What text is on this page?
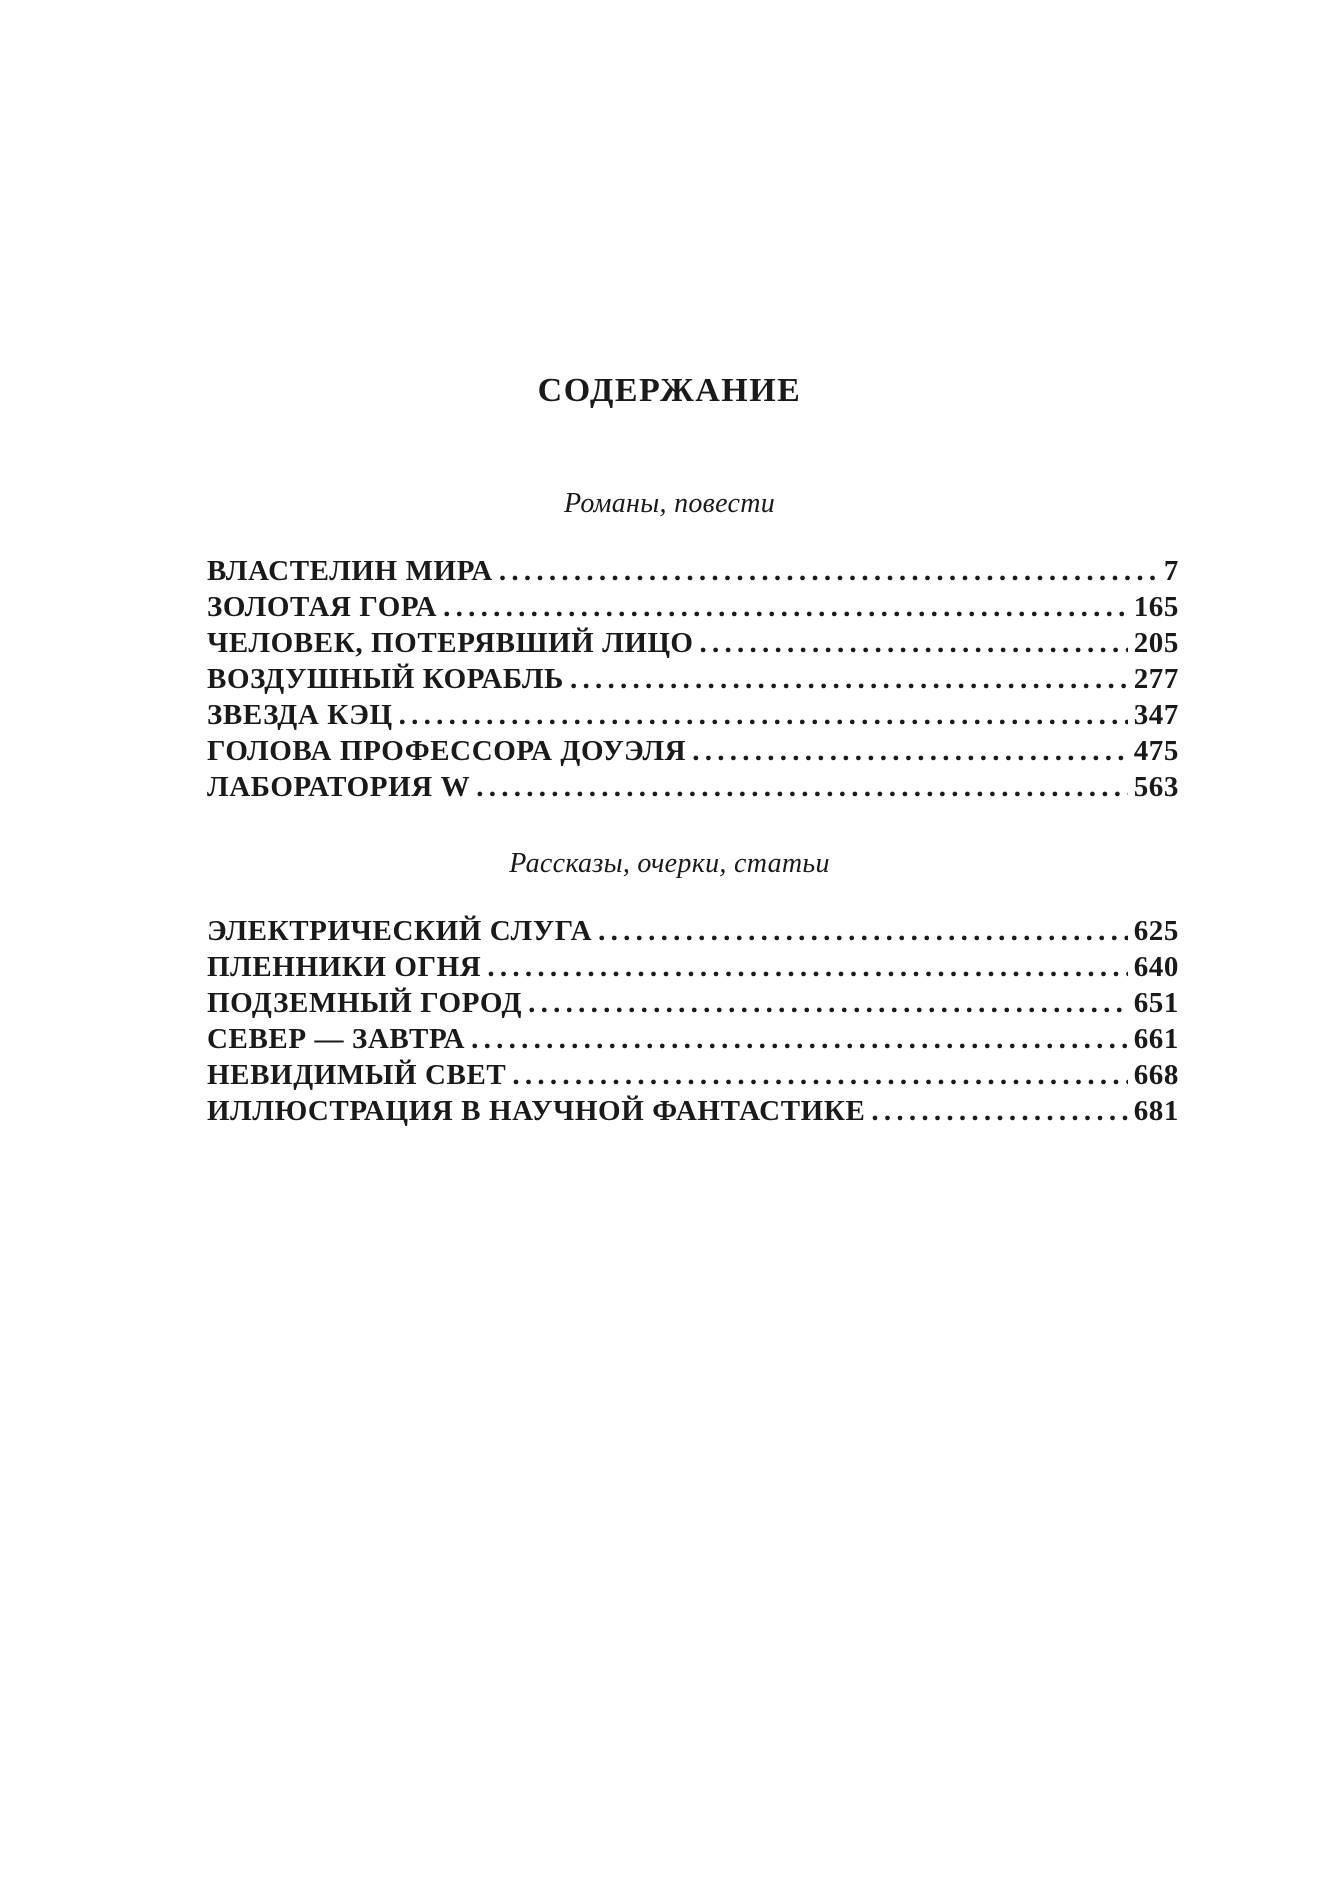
СОДЕРЖАНИЕ
Романы, повести
ВЛАСТЕЛИН МИРА . . .	7
ЗОЛОТАЯ ГОРА . . .	165
ЧЕЛОВЕК, ПОТЕРЯВШИЙ ЛИЦО . . .	205
ВОЗДУШНЫЙ КОРАБЛЬ . . .	277
ЗВЕЗДА КЭЦ . . .	347
ГОЛОВА ПРОФЕССОРА ДОУЭЛЯ . . .	475
ЛАБОРАТОРИЯ W . . .	563
Рассказы, очерки, статьи
ЭЛЕКТРИЧЕСКИЙ СЛУГА . . .	625
ПЛЕННИКИ ОГНЯ . . .	640
ПОДЗЕМНЫЙ ГОРОД . . .	651
СЕВЕР — ЗАВТРА . . .	661
НЕВИДИМЫЙ СВЕТ . . .	668
ИЛЛЮСТРАЦИЯ В НАУЧНОЙ ФАНТАСТИКЕ . . .	681
